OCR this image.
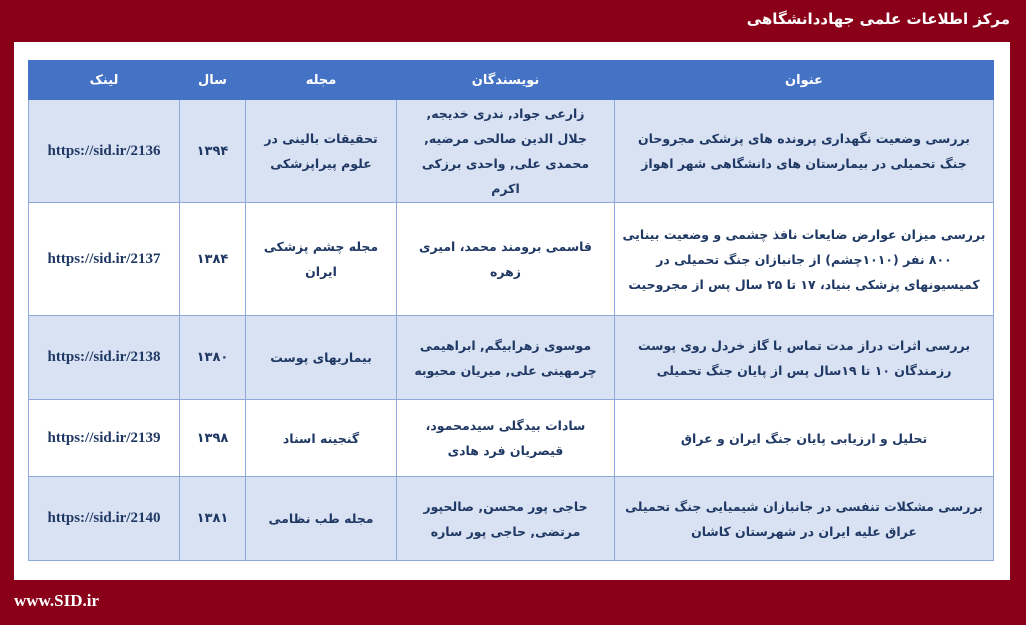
مرکز اطلاعات علمی جهاددانشگاهی
عنوان	نویسندگان	مجله	سال	لینک
بررسی وضعیت نگهداری پرونده های پزشکی مجروحان جنگ تحمیلی در بیمارستان های دانشگاهی شهر اهواز	زارعی جواد, ندری خدیجه, جلال الدین صالحی مرضیه, محمدی علی, واحدی برزکی اکرم	تحقیقات بالینی در علوم پیراپزشکی	۱۳۹۴	https://sid.ir/2136
بررسی میزان عوارض ضایعات نافذ چشمی و وضعیت بینایی ۸۰۰ نفر (۱۰۱۰چشم) از جانبازان جنگ تحمیلی در کمیسیونهای پزشکی بنیاد، ۱۷ تا ۲۵ سال پس از مجروحیت	قاسمی برومند محمد، امیری زهره	مجله چشم پزشکی ایران	۱۳۸۴	https://sid.ir/2137
بررسی اثرات دراز مدت تماس با گاز خردل روی پوست رزمندگان ۱۰ تا ۱۹سال پس از پایان جنگ تحمیلی	موسوی زهرابیگم, ابراهیمی چرمهینی علی, میریان محبوبه	بیماریهای پوست	۱۳۸۰	https://sid.ir/2138
تحلیل و ارزیابی پایان جنگ ایران و عراق	سادات بیدگلی سیدمحمود، قیصریان فرد هادی	گنجینه اسناد	۱۳۹۸	https://sid.ir/2139
بررسی مشکلات تنفسی در جانبازان شیمیایی جنگ تحمیلی عراق علیه ایران در شهرستان کاشان	حاجی پور محسن, صالحپور مرتضی, حاجی پور ساره	مجله طب نظامی	۱۳۸۱	https://sid.ir/2140
www.SID.ir
